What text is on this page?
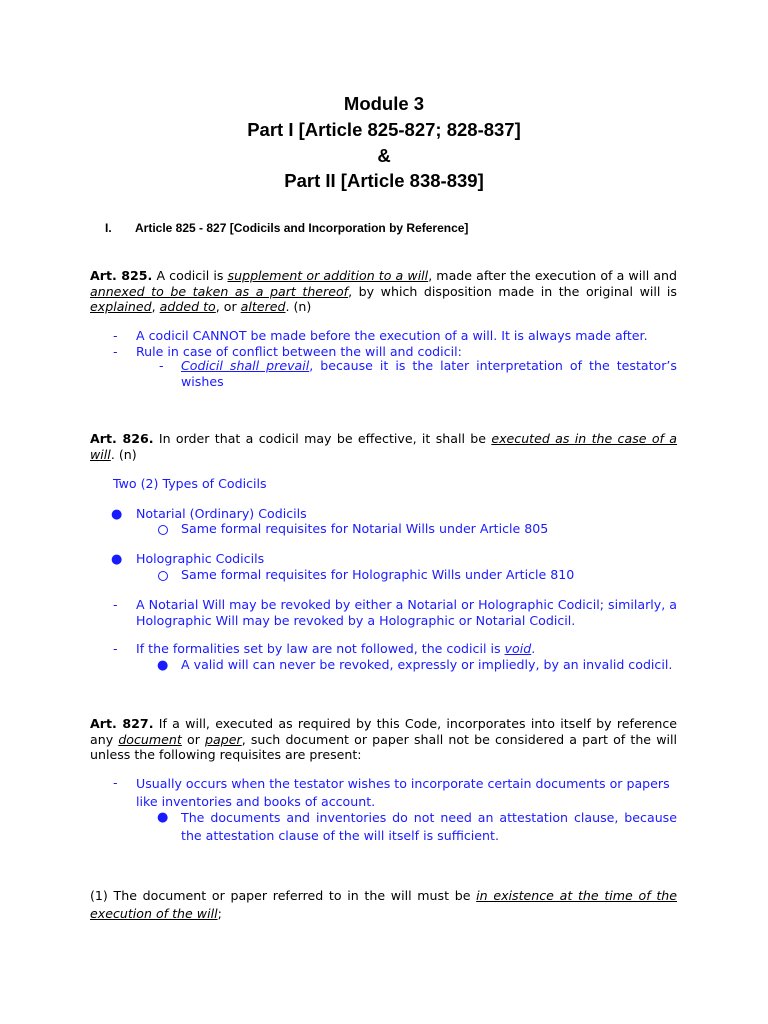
Module 3
Part I [Article 825-827; 828-837]
&
Part II [Article 838-839]
I. Article 825 - 827 [Codicils and Incorporation by Reference]
Art. 825. A codicil is supplement or addition to a will, made after the execution of a will and annexed to be taken as a part thereof, by which disposition made in the original will is explained, added to, or altered. (n)
- A codicil CANNOT be made before the execution of a will. It is always made after.
- Rule in case of conflict between the will and codicil:
- Codicil shall prevail, because it is the later interpretation of the testator’s wishes
Art. 826. In order that a codicil may be effective, it shall be executed as in the case of a will. (n)
Two (2) Types of Codicils
● Notarial (Ordinary) Codicils
Same formal requisites for Notarial Wills under Article 805
● Holographic Codicils
Same formal requisites for Holographic Wills under Article 810
- A Notarial Will may be revoked by either a Notarial or Holographic Codicil; similarly, a Holographic Will may be revoked by a Holographic or Notarial Codicil.
- If the formalities set by law are not followed, the codicil is void.
● A valid will can never be revoked, expressly or impliedly, by an invalid codicil.
Art. 827. If a will, executed as required by this Code, incorporates into itself by reference any document or paper, such document or paper shall not be considered a part of the will unless the following requisites are present:
- Usually occurs when the testator wishes to incorporate certain documents or papers like inventories and books of account.
● The documents and inventories do not need an attestation clause, because the attestation clause of the will itself is sufficient.
(1) The document or paper referred to in the will must be in existence at the time of the execution of the will;
